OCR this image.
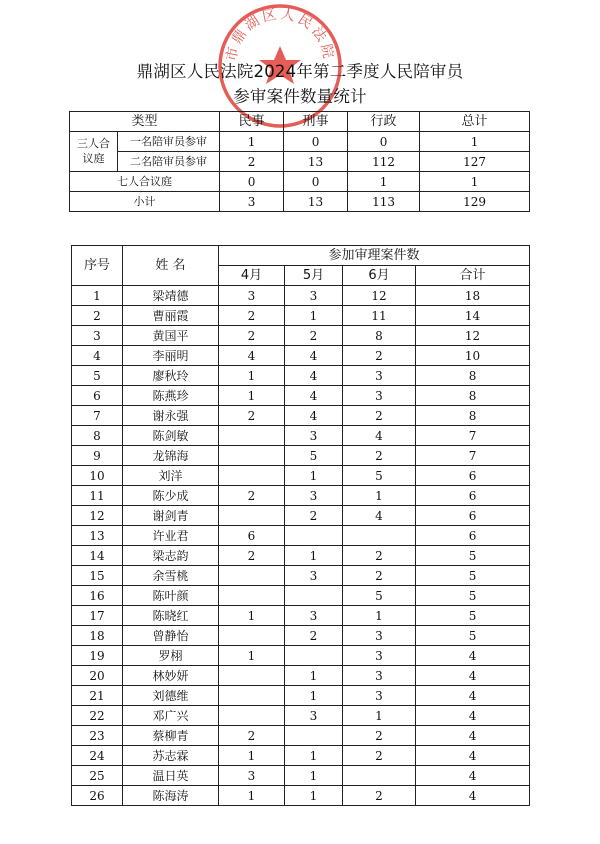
市鼎湖区人民法院
鼎湖区人民法院2024年第二季度人民陪审员
参审案件数量统计
类型		民事	刑事	行政	总计
三人合议庭	一名陪审员参审	1	0	0	1
	二名陪审员参审	2	13	112	127
七人合议庭		0	0	1	1
小计		3	13	113	129
序号	姓 名	参加审理案件数			
		4月	5月	6月	合计
1	梁靖德	3	3	12	18
2	曹丽霞	2	1	11	14
3	黄国平	2	2	8	12
4	李丽明	4	4	2	10
5	廖秋玲	1	4	3	8
6	陈燕珍	1	4	3	8
7	谢永强	2	4	2	8
8	陈剑敏		3	4	7
9	龙锦海		5	2	7
10	刘洋		1	5	6
11	陈少成	2	3	1	6
12	谢剑青		2	4	6
13	许业君	6			6
14	梁志韵	2	1	2	5
15	余雪桃		3	2	5
16	陈叶颜			5	5
17	陈晓红	1	3	1	5
18	曾静怡		2	3	5
19	罗栩	1		3	4
20	林妙妍		1	3	4
21	刘德维		1	3	4
22	邓广兴		3	1	4
23	蔡柳青	2		2	4
24	苏志霖	1	1	2	4
25	温日英	3	1		4
26	陈海涛	1	1	2	4
